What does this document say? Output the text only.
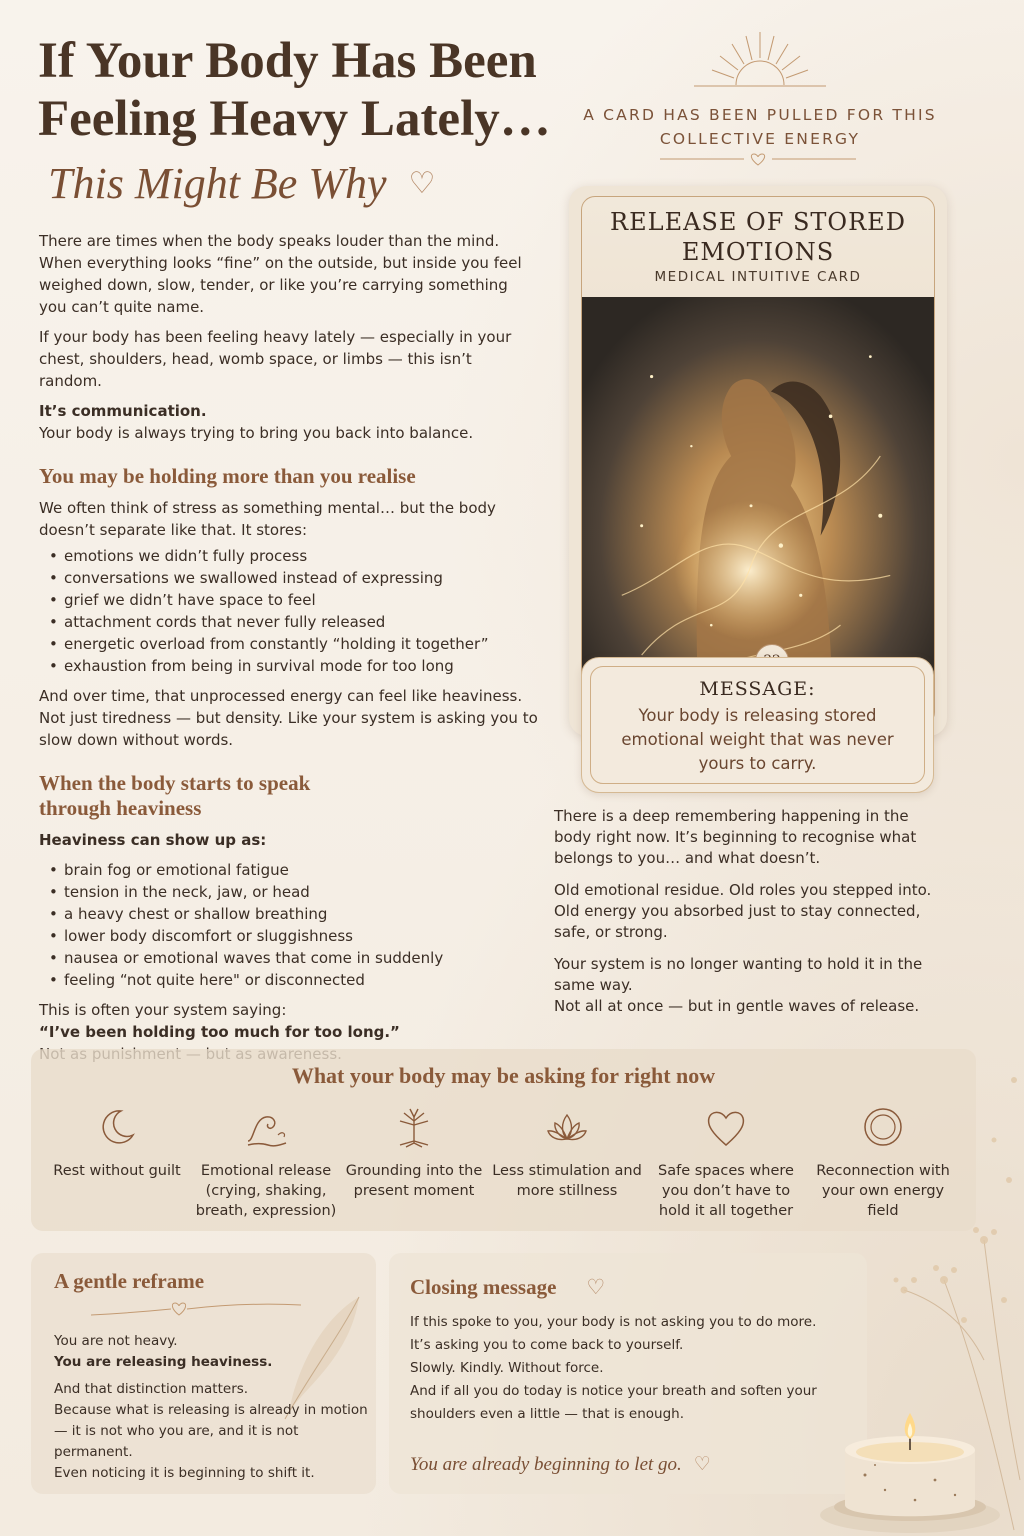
If Your Body Has Been Feeling Heavy Lately…
This Might Be Why ♡

There are times when the body speaks louder than the mind. When everything looks “fine” on the outside, but inside you feel weighed down, slow, tender, or like you’re carrying something you can’t quite name.

If your body has been feeling heavy lately — especially in your chest, shoulders, head, womb space, or limbs — this isn’t random.

It’s communication.
Your body is always trying to bring you back into balance.

You may be holding more than you realise

We often think of stress as something mental… but the body doesn’t separate like that. It stores:

• emotions we didn’t fully process
• conversations we swallowed instead of expressing
• grief we didn’t have space to feel
• attachment cords that never fully released
• energetic overload from constantly “holding it together”
• exhaustion from being in survival mode for too long

And over time, that unprocessed energy can feel like heaviness. Not just tiredness — but density. Like your system is asking you to slow down without words.

When the body starts to speak through heaviness

Heaviness can show up as:

• brain fog or emotional fatigue
• tension in the neck, jaw, or head
• a heavy chest or shallow breathing
• lower body discomfort or sluggishness
• nausea or emotional waves that come in suddenly
• feeling “not quite here" or disconnected

This is often your system saying:
“I’ve been holding too much for too long.”

A CARD HAS BEEN PULLED FOR THIS COLLECTIVE ENERGY
RELEASE OF STORED EMOTIONS
MEDICAL INTUITIVE CARD
MESSAGE:
Your body is releasing stored emotional weight that was never yours to carry.

There is a deep remembering happening in the body right now. It’s beginning to recognise what belongs to you… and what doesn’t.

Old emotional residue. Old roles you stepped into. Old energy you absorbed just to stay connected, safe, or strong.

Your system is no longer wanting to hold it in the same way.
Not all at once — but in gentle waves of release.

What your body may be asking for right now
Rest without guilt	Emotional release (crying, shaking, breath, expression)
Grounding into the present moment
Less stimulation and more stillness
Safe spaces where you don’t have to hold it all together
Reconnection with your own energy field
A gentle reframe

You are not heavy.
You are releasing heaviness.

And that distinction matters.
Because what is releasing is already in motion — it is not who you are, and it is not permanent.
Even noticing it is beginning to shift it.

Closing message ♡
If this spoke to you, your body is not asking you to do more.
It’s asking you to come back to yourself.
Slowly. Kindly. Without force.
And if all you do today is notice your breath and soften your shoulders even a little — that is enough.
You are already beginning to let go. ♡
